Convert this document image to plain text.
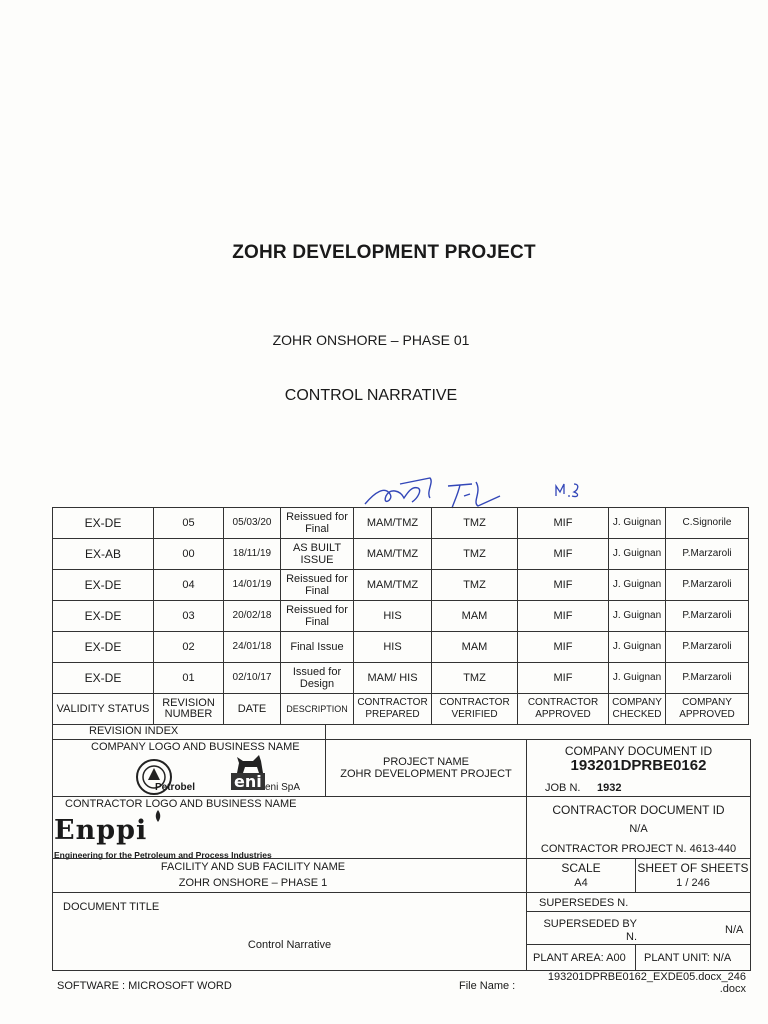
ZOHR DEVELOPMENT PROJECT
ZOHR ONSHORE – PHASE 01
CONTROL NARRATIVE
EX-DE	05	05/03/20	Reissued for Final	MAM/TMZ	TMZ	MIF	J. Guignan	C.Signorile
EX-AB	00	18/11/19	AS BUILT ISSUE	MAM/TMZ	TMZ	MIF	J. Guignan	P.Marzaroli
EX-DE	04	14/01/19	Reissued for Final	MAM/TMZ	TMZ	MIF	J. Guignan	P.Marzaroli
EX-DE	03	20/02/18	Reissued for Final	HIS	MAM	MIF	J. Guignan	P.Marzaroli
EX-DE	02	24/01/18	Final Issue	HIS	MAM	MIF	J. Guignan	P.Marzaroli
EX-DE	01	02/10/17	Issued for Design	MAM/ HIS	TMZ	MIF	J. Guignan	P.Marzaroli
VALIDITY STATUS	REVISION NUMBER	DATE	DESCRIPTION	CONTRACTOR PREPARED	CONTRACTOR VERIFIED	CONTRACTOR APPROVED	COMPANY CHECKED	COMPANY APPROVED
REVISION INDEX
COMPANY LOGO AND BUSINESS NAME
Petrobel eni eni SpA
PROJECT NAME
ZOHR DEVELOPMENT PROJECT
COMPANY DOCUMENT ID
193201DPRBE0162
JOB N. 1932
CONTRACTOR LOGO AND BUSINESS NAME
Enppi
Engineering for the Petroleum and Process Industries
CONTRACTOR DOCUMENT ID
N/A
CONTRACTOR PROJECT N. 4613-440
FACILITY AND SUB FACILITY NAME
ZOHR ONSHORE – PHASE 1
SCALE
A4
SHEET OF SHEETS
1 / 246
DOCUMENT TITLE
Control Narrative
SUPERSEDES N.
SUPERSEDED BY N.
N/A
PLANT AREA: A00 PLANT UNIT: N/A
SOFTWARE : MICROSOFT WORD	File Name :
193201DPRBE0162_EXDE05.docx_246 .docx
